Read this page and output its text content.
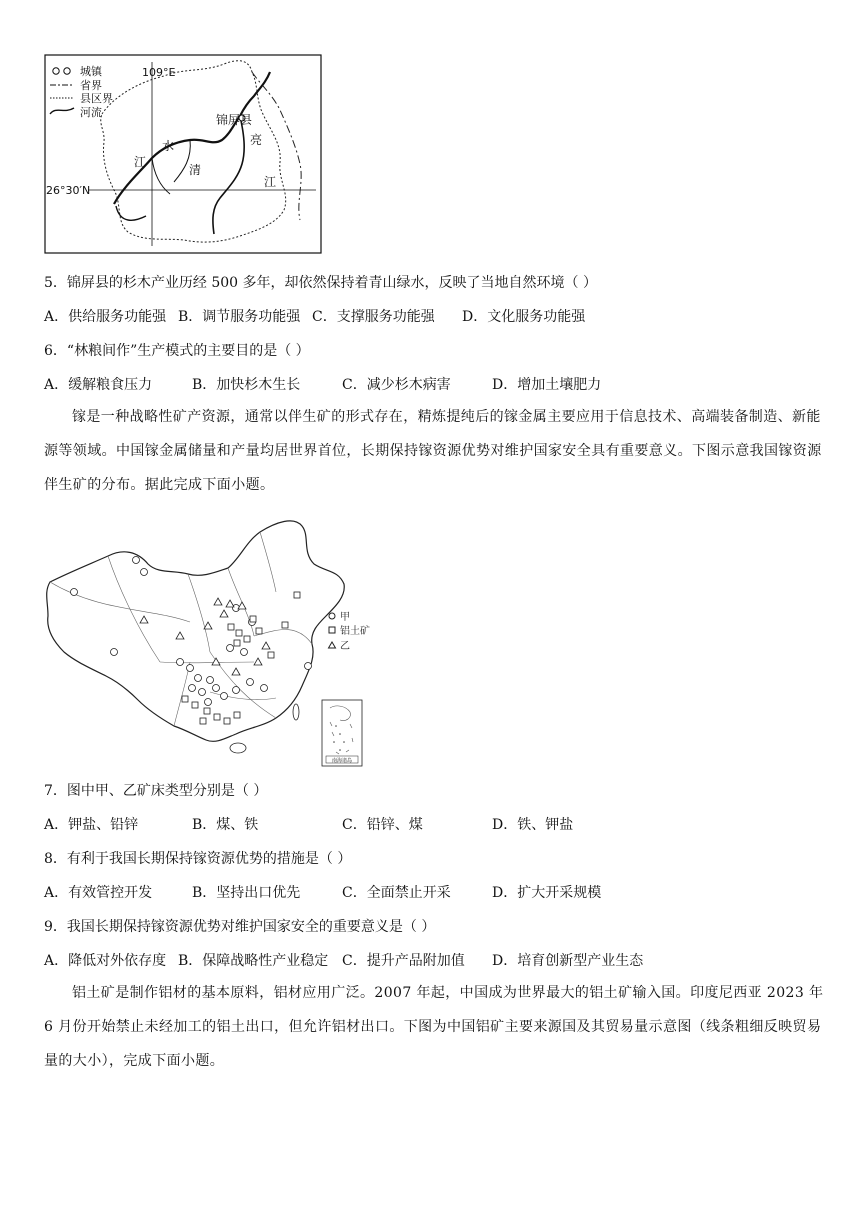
城镇
省界
县区界
河流
109°E
26°30′N
锦屏县
清
水
江
亮
江
5．锦屏县的杉木产业历经 500 多年，却依然保持着青山绿水，反映了当地自然环境（ ）
A．供给服务功能强 B．调节服务功能强 C．支撑服务功能强 D．文化服务功能强
6．“林粮间作”生产模式的主要目的是（ ）
A．缓解粮食压力	B．加快杉木生长	C．减少杉木病害	D．增加土壤肥力
镓是一种战略性矿产资源，通常以伴生矿的形式存在，精炼提纯后的镓金属主要应用于信息技术、高端装备制造、新能源等领域。中国镓金属储量和产量均居世界首位，长期保持镓资源优势对维护国家安全具有重要意义。下图示意我国镓资源伴生矿的分布。据此完成下面小题。
甲
铝土矿
乙
南海诸岛
7．图中甲、乙矿床类型分别是（ ）
A．钾盐、铅锌	B．煤、铁	C．铅锌、煤	D．铁、钾盐
8．有利于我国长期保持镓资源优势的措施是（ ）
A．有效管控开发	B．坚持出口优先	C．全面禁止开采	D．扩大开采规模
9．我国长期保持镓资源优势对维护国家安全的重要意义是（ ）
A．降低对外依存度 B．保障战略性产业稳定 C．提升产品附加值 D．培育创新型产业生态
铝土矿是制作铝材的基本原料，铝材应用广泛。2007 年起，中国成为世界最大的铝土矿输入国。印度尼西亚 2023 年 6 月份开始禁止未经加工的铝土出口，但允许铝材出口。下图为中国铝矿主要来源国及其贸易量示意图（线条粗细反映贸易量的大小），完成下面小题。
